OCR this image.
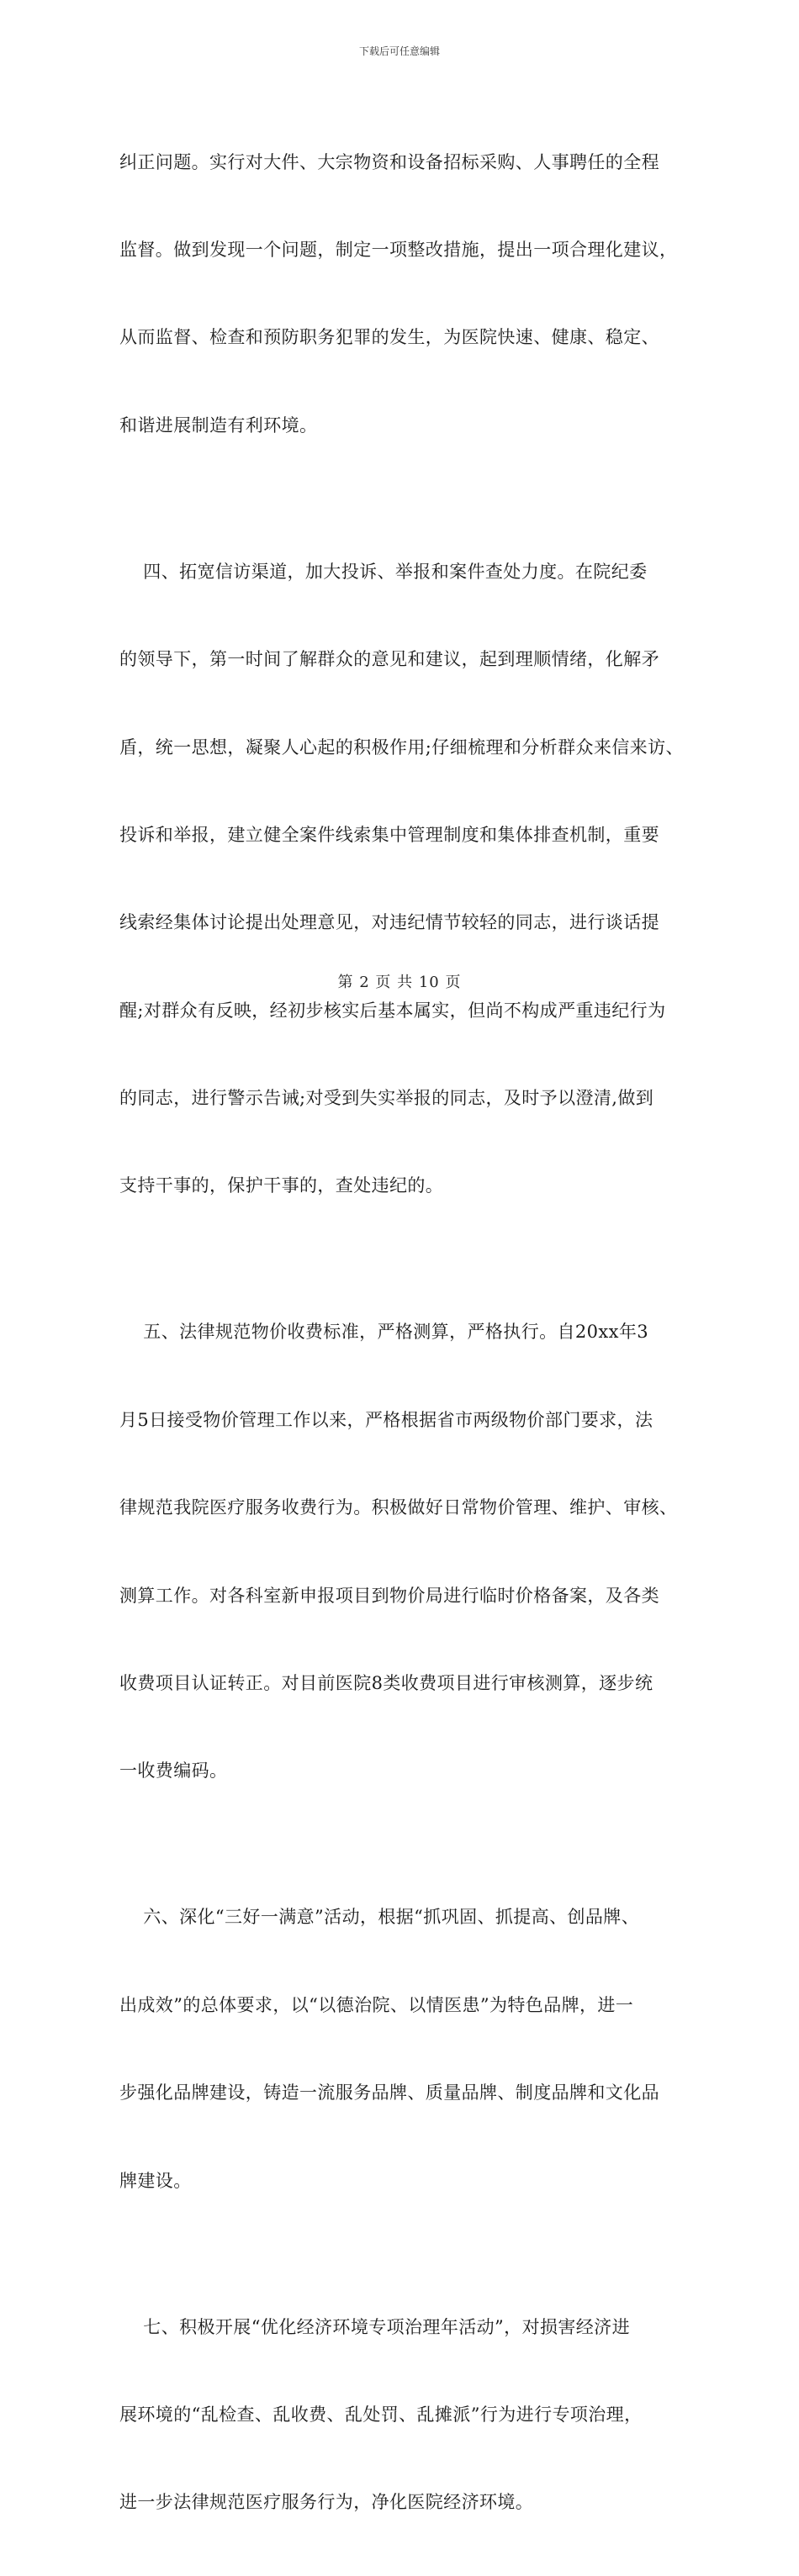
下载后可任意编辑

纠正问题。实行对大件、大宗物资和设备招标采购、人事聘任的全程

监督。做到发现一个问题，制定一项整改措施，提出一项合理化建议，

从而监督、检查和预防职务犯罪的发生，为医院快速、健康、稳定、

和谐进展制造有利环境。

四、拓宽信访渠道，加大投诉、举报和案件查处力度。在院纪委

的领导下，第一时间了解群众的意见和建议，起到理顺情绪，化解矛

盾，统一思想，凝聚人心起的积极作用;仔细梳理和分析群众来信来访、

投诉和举报，建立健全案件线索集中管理制度和集体排查机制，重要

线索经集体讨论提出处理意见，对违纪情节较轻的同志，进行谈话提

醒;对群众有反映，经初步核实后基本属实，但尚不构成严重违纪行为

的同志，进行警示告诫;对受到失实举报的同志，及时予以澄清,做到

支持干事的，保护干事的，查处违纪的。

五、法律规范物价收费标准，严格测算，严格执行。自20xx年3

月5日接受物价管理工作以来，严格根据省市两级物价部门要求，法

律规范我院医疗服务收费行为。积极做好日常物价管理、维护、审核、

测算工作。对各科室新申报项目到物价局进行临时价格备案，及各类

收费项目认证转正。对目前医院8类收费项目进行审核测算，逐步统

一收费编码。

六、深化“三好一满意”活动，根据“抓巩固、抓提高、创品牌、

出成效”的总体要求，以“以德治院、以情医患”为特色品牌，进一

步强化品牌建设，铸造一流服务品牌、质量品牌、制度品牌和文化品

牌建设。

七、积极开展“优化经济环境专项治理年活动”，对损害经济进

展环境的“乱检查、乱收费、乱处罚、乱摊派”行为进行专项治理，

进一步法律规范医疗服务行为，净化医院经济环境。

第 2 页 共 10 页
